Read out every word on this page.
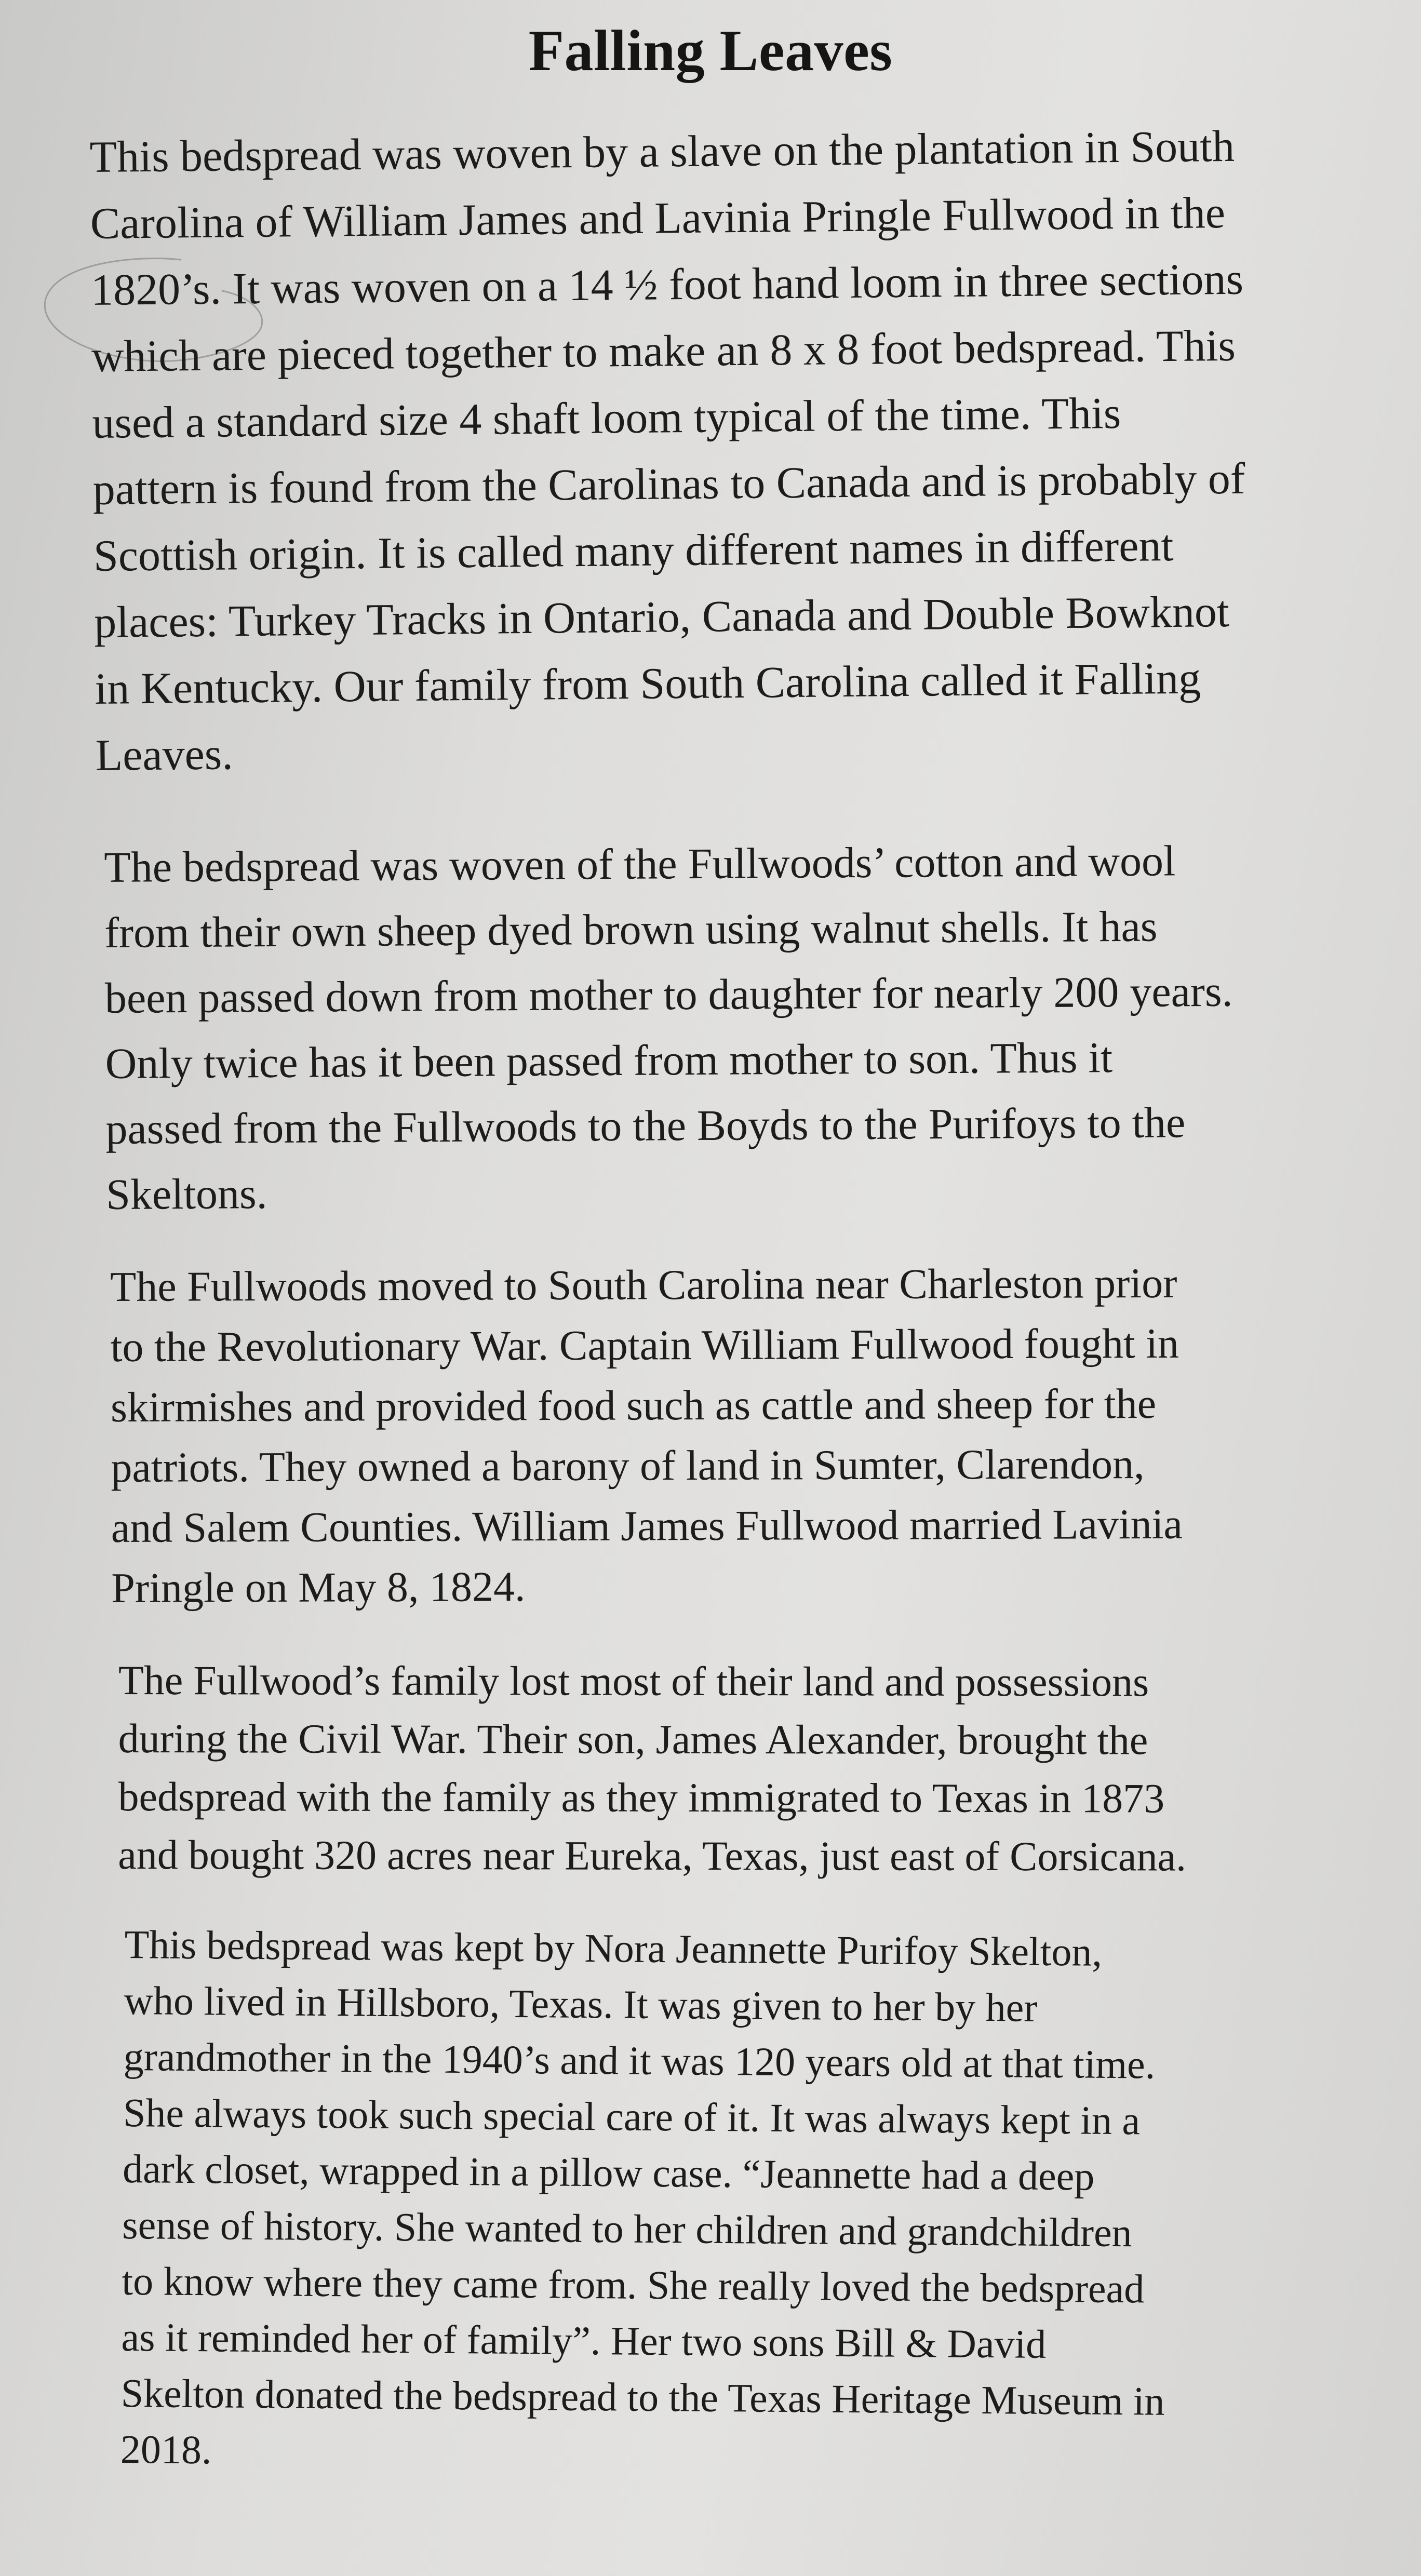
Falling Leaves
This bedspread was woven by a slave on the plantation in South
Carolina of William James and Lavinia Pringle Fullwood in the
1820’s. It was woven on a 14 ½ foot hand loom in three sections
which are pieced together to make an 8 x 8 foot bedspread. This
used a standard size 4 shaft loom typical of the time. This
pattern is found from the Carolinas to Canada and is probably of
Scottish origin. It is called many different names in different
places: Turkey Tracks in Ontario, Canada and Double Bowknot
in Kentucky. Our family from South Carolina called it Falling
Leaves.
The bedspread was woven of the Fullwoods’ cotton and wool
from their own sheep dyed brown using walnut shells. It has
been passed down from mother to daughter for nearly 200 years.
Only twice has it been passed from mother to son. Thus it
passed from the Fullwoods to the Boyds to the Purifoys to the
Skeltons.
The Fullwoods moved to South Carolina near Charleston prior
to the Revolutionary War. Captain William Fullwood fought in
skirmishes and provided food such as cattle and sheep for the
patriots. They owned a barony of land in Sumter, Clarendon,
and Salem Counties. William James Fullwood married Lavinia
Pringle on May 8, 1824.
The Fullwood’s family lost most of their land and possessions
during the Civil War. Their son, James Alexander, brought the
bedspread with the family as they immigrated to Texas in 1873
and bought 320 acres near Eureka, Texas, just east of Corsicana.
This bedspread was kept by Nora Jeannette Purifoy Skelton,
who lived in Hillsboro, Texas. It was given to her by her
grandmother in the 1940’s and it was 120 years old at that time.
She always took such special care of it. It was always kept in a
dark closet, wrapped in a pillow case. “Jeannette had a deep
sense of history. She wanted to her children and grandchildren
to know where they came from. She really loved the bedspread
as it reminded her of family”. Her two sons Bill & David
Skelton donated the bedspread to the Texas Heritage Museum in
2018.
